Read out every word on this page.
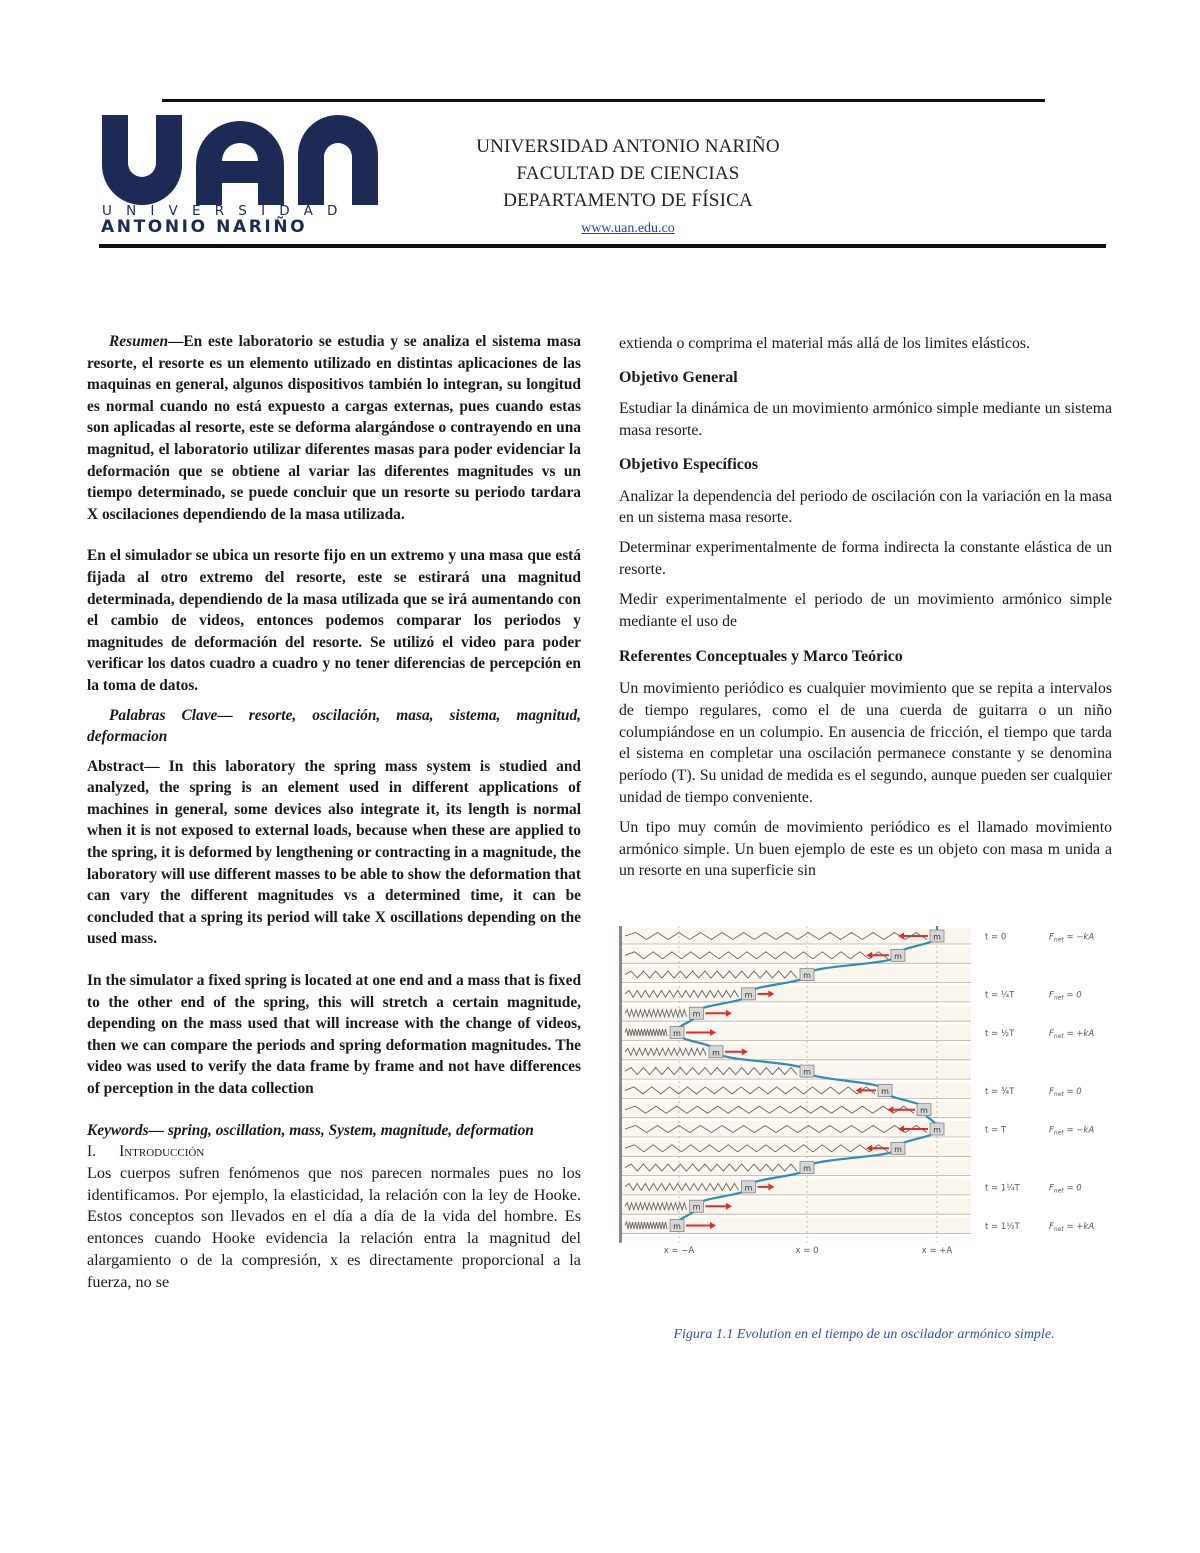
UNIVERSIDAD
ANTONIO NARIÑO
UNIVERSIDAD ANTONIO NARIÑO
FACULTAD DE CIENCIAS
DEPARTAMENTO DE FÍSICA
www.uan.edu.co

Resumen—En este laboratorio se estudia y se analiza el sistema masa resorte, el resorte es un elemento utilizado en distintas aplicaciones de las maquinas en general, algunos dispositivos también lo integran, su longitud es normal cuando no está expuesto a cargas externas, pues cuando estas son aplicadas al resorte, este se deforma alargándose o contrayendo en una magnitud, el laboratorio utilizar diferentes masas para poder evidenciar la deformación que se obtiene al variar las diferentes magnitudes vs un tiempo determinado, se puede concluir que un resorte su periodo tardara X oscilaciones dependiendo de la masa utilizada.

En el simulador se ubica un resorte fijo en un extremo y una masa que está fijada al otro extremo del resorte, este se estirará una magnitud determinada, dependiendo de la masa utilizada que se irá aumentando con el cambio de videos, entonces podemos comparar los periodos y magnitudes de deformación del resorte. Se utilizó el video para poder verificar los datos cuadro a cuadro y no tener diferencias de percepción en la toma de datos.

Palabras Clave— resorte, oscilación, masa, sistema, magnitud, deformacion

Abstract— In this laboratory the spring mass system is studied and analyzed, the spring is an element used in different applications of machines in general, some devices also integrate it, its length is normal when it is not exposed to external loads, because when these are applied to the spring, it is deformed by lengthening or contracting in a magnitude, the laboratory will use different masses to be able to show the deformation that can vary the different magnitudes vs a determined time, it can be concluded that a spring its period will take X oscillations depending on the used mass.

In the simulator a fixed spring is located at one end and a mass that is fixed to the other end of the spring, this will stretch a certain magnitude, depending on the mass used that will increase with the change of videos, then we can compare the periods and spring deformation magnitudes. The video was used to verify the data frame by frame and not have differences of perception in the data collection

Keywords— spring, oscillation, mass, System, magnitude, deformation

I. Introducción

Los cuerpos sufren fenómenos que nos parecen normales pues no los identificamos. Por ejemplo, la elasticidad, la relación con la ley de Hooke. Estos conceptos son llevados en el día a día de la vida del hombre. Es entonces cuando Hooke evidencia la relación entra la magnitud del alargamiento o de la compresión, x es directamente proporcional a la fuerza, no se

extienda o comprima el material más allá de los limites elásticos.

Objetivo General

Estudiar la dinámica de un movimiento armónico simple mediante un sistema masa resorte.

Objetivo Específicos

Analizar la dependencia del periodo de oscilación con la variación en la masa en un sistema masa resorte.

Determinar experimentalmente de forma indirecta la constante elástica de un resorte.

Medir experimentalmente el periodo de un movimiento armónico simple mediante el uso de

Referentes Conceptuales y Marco Teórico

Un movimiento periódico es cualquier movimiento que se repita a intervalos de tiempo regulares, como el de una cuerda de guitarra o un niño columpiándose en un columpio. En ausencia de fricción, el tiempo que tarda el sistema en completar una oscilación permanece constante y se denomina período (T). Su unidad de medida es el segundo, aunque pueden ser cualquier unidad de tiempo conveniente.

Un tipo muy común de movimiento periódico es el llamado movimiento armónico simple. Un buen ejemplo de este es un objeto con masa m unida a un resorte en una superficie sin

m
m
m
m
m
m
m
m
m
m
m
m
m
m
m
m
t = 0	$F_{net} = -kA$
t = ¼T	$F_{net} = 0$
t = ½T	$F_{net} = +kA$
t = ¾T	$F_{net} = 0$
t = T	$F_{net} = -kA$
t = 1¼T	$F_{net} = 0$
t = 1½T	$F_{net} = +kA$
x = −A	x = 0	x = +A
Figura 1.1 Evolution en el tiempo de un oscilador armónico simple.
